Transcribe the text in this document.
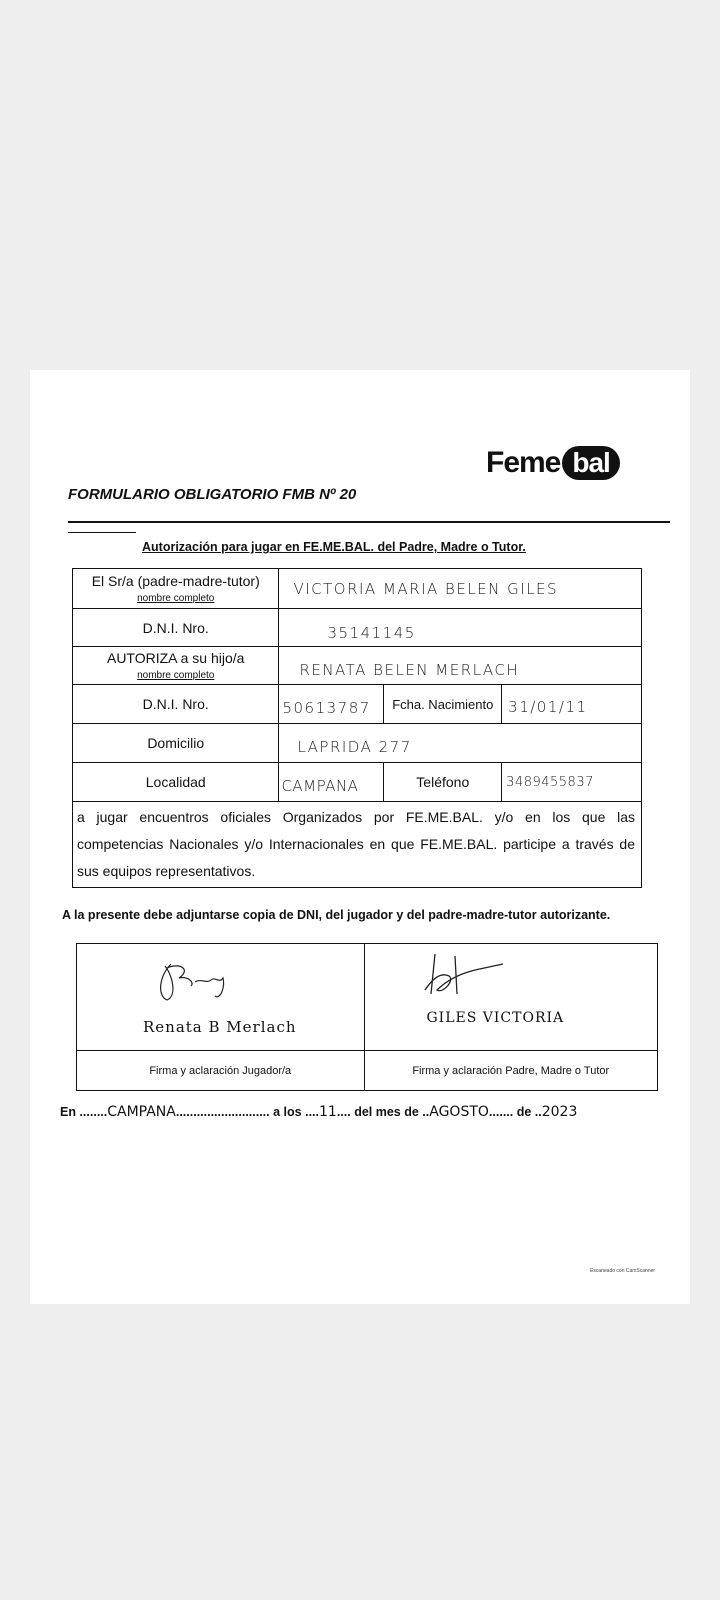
Feme bal
FORMULARIO OBLIGATORIO FMB Nº 20
Autorización para jugar en FE.ME.BAL. del Padre, Madre o Tutor.
El Sr/a (padre-madre-tutor)
nombre completo	VICTORIA MARIA BELEN GILES		
D.N.I. Nro.	35141145		
AUTORIZA a su hijo/a
nombre completo	RENATA BELEN MERLACH		
D.N.I. Nro.	50613787	Fcha. Nacimiento	31/01/11
Domicilio	LAPRIDA 277		
Localidad	CAMPANA	Teléfono	3489455837
a jugar encuentros oficiales Organizados por FE.ME.BAL. y/o en los que las competencias Nacionales y/o Internacionales en que FE.ME.BAL. participe a través de sus equipos representativos.			
A la presente debe adjuntarse copia de DNI, del jugador y del padre-madre-tutor autorizante.
Renata B Merlach	GILES VICTORIA

Firma y aclaración Jugador/a	Firma y aclaración Padre, Madre o Tutor
En ........CAMPANA........................... a los ....11.... del mes de ..AGOSTO....... de ..2023
Escaneado con CamScanner
